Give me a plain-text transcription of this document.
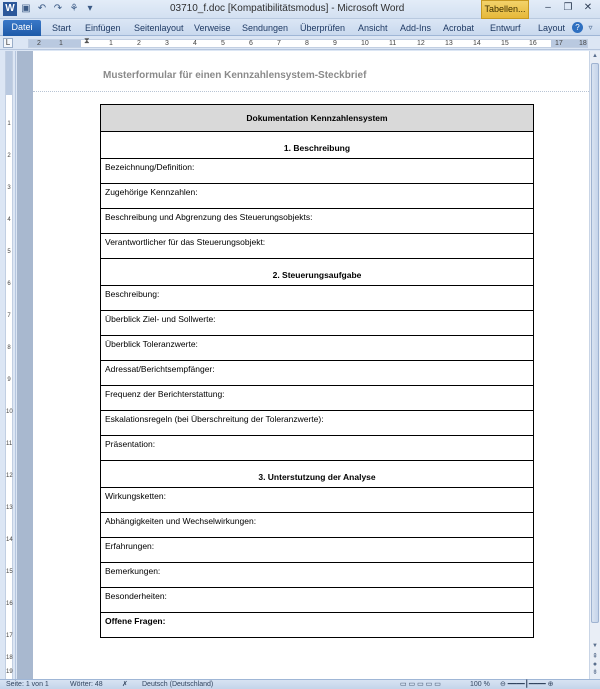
W ▣ ↶ ↷ ⚘ ▾	03710_f.doc [Kompatibilitätsmodus] - Microsoft Word	Tabellen...	–	❐	✕
Datei	Start Einfügen Seitenlayout Verweise Sendungen Überprüfen Ansicht Add-Ins Acrobat Entwurf Layout	?	▿
L	2	1	1	2	3	4	5	6	7	8	9	10	11	12	13	14	15	16	17 18
⧗
1
2
3
4
5
6
7
8
9
10
11
12
13
14
15
16
17
18
19
Musterformular für einen Kennzahlensystem-Steckbrief
Dokumentation Kennzahlensystem
1. Beschreibung
Bezeichnung/Definition:
Zugehörige Kennzahlen:
Beschreibung und Abgrenzung des Steuerungsobjekts:
Verantwortlicher für das Steuerungsobjekt:
2. Steuerungsaufgabe
Beschreibung:
Überblick Ziel- und Sollwerte:
Überblick Toleranzwerte:
Adressat/Berichtsempfänger:
Frequenz der Berichterstattung:
Eskalationsregeln (bei Überschreitung der Toleranzwerte):
Präsentation:
3. Unterstutzung der Analyse
Wirkungsketten:
Abhängigkeiten und Wechselwirkungen:
Erfahrungen:
Bemerkungen:
Besonderheiten:
Offene Fragen:
▲
▼
⇞
●
⇟
Seite: 1 von 1	Wörter: 48	✗ Deutsch (Deutschland)	▭ ▭ ▭ ▭ ▭	100 % ⊖ ━━━━┃━━━━ ⊕
